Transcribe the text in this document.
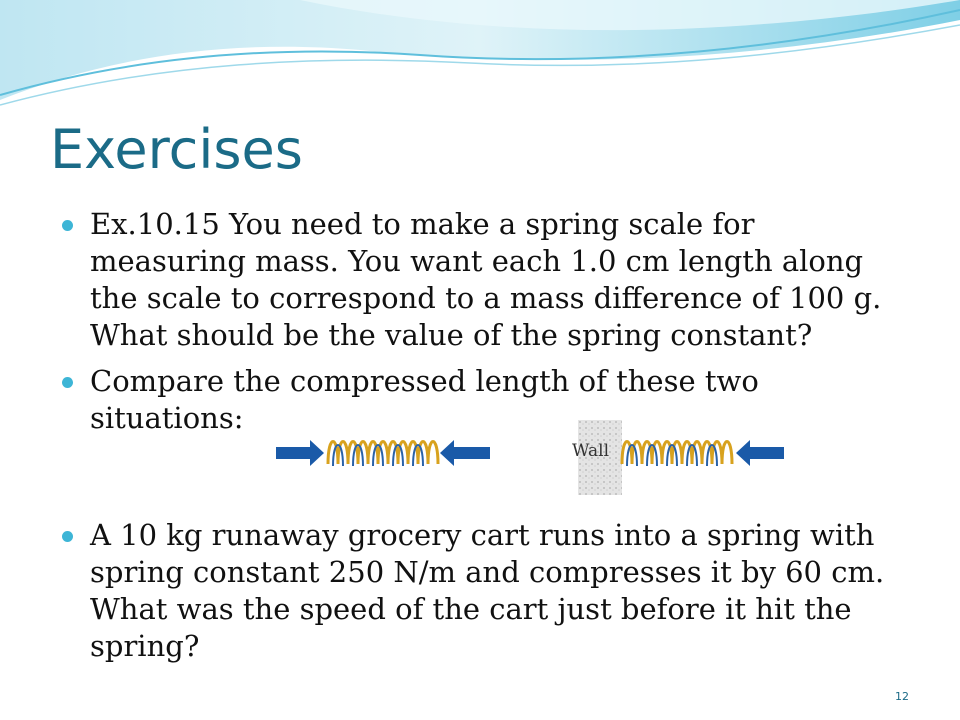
Exercises
Ex.10.15 You need to make a spring scale for measuring mass. You want each 1.0 cm length along the scale to correspond to a mass difference of 100 g. What should be the value of the spring constant?
Compare the compressed length of these two situations:
A 10 kg runaway grocery cart runs into a spring with spring constant 250 N/m and compresses it by 60 cm. What was the speed of the cart just before it hit the spring?
Wall
12
